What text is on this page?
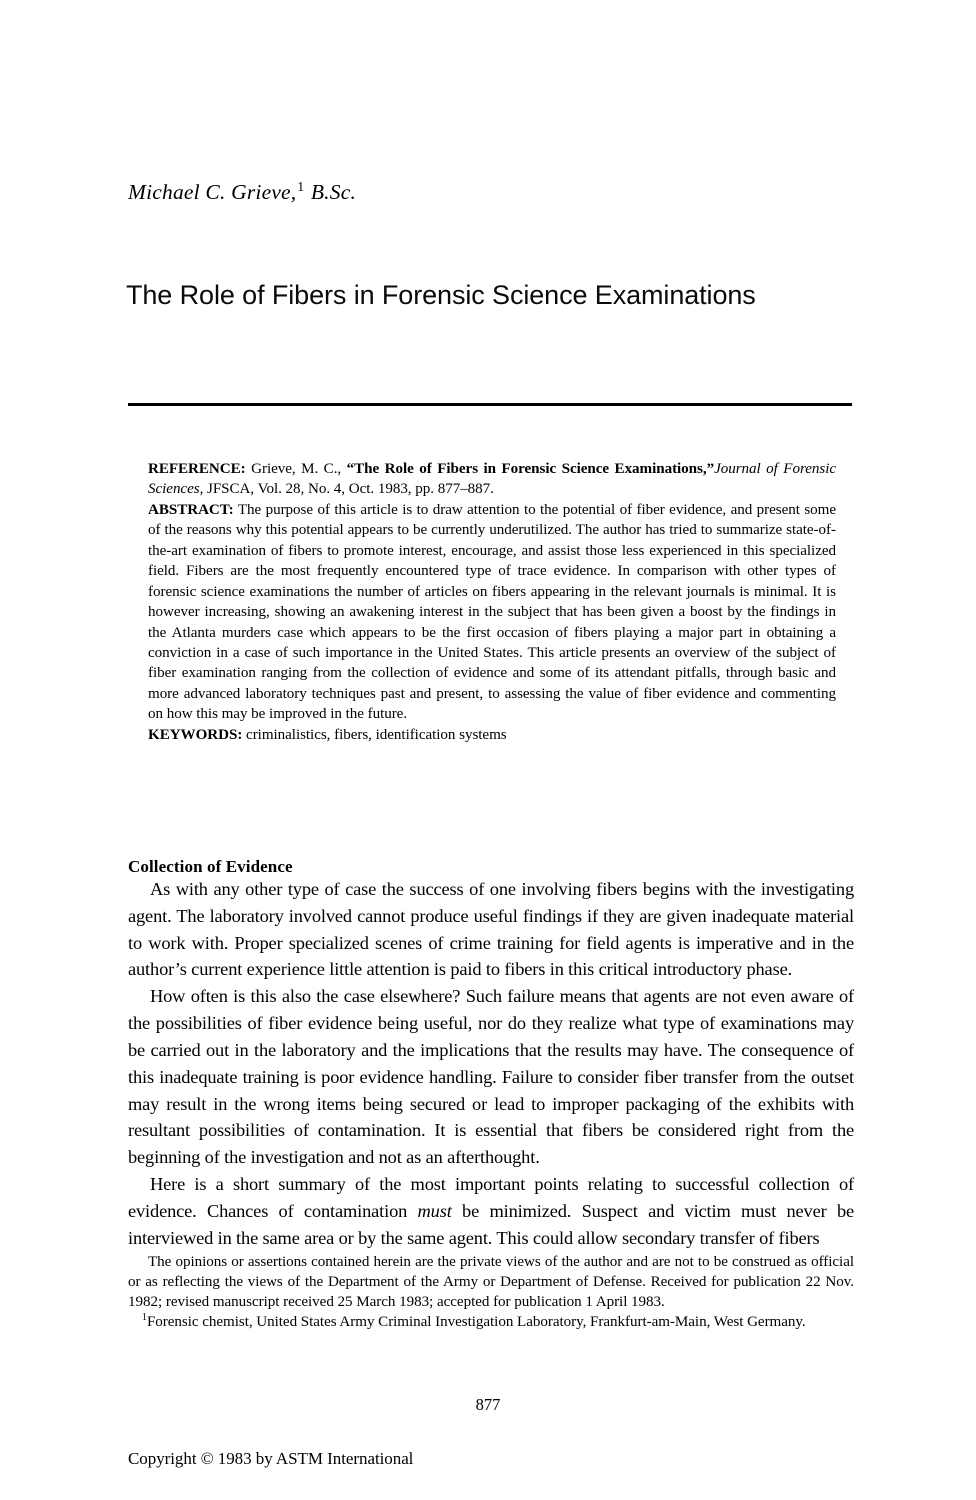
Michael C. Grieve,$^1$ B.Sc.
The Role of Fibers in Forensic Science Examinations

REFERENCE: Grieve, M. C., “The Role of Fibers in Forensic Science Examinations,”Journal of Forensic Sciences, JFSCA, Vol. 28, No. 4, Oct. 1983, pp. 877–887.

ABSTRACT: The purpose of this article is to draw attention to the potential of fiber evidence, and present some of the reasons why this potential appears to be currently underutilized. The author has tried to summarize state-of-the-art examination of fibers to promote interest, encourage, and assist those less experienced in this specialized field. Fibers are the most frequently encountered type of trace evidence. In comparison with other types of forensic science examinations the number of articles on fibers appearing in the relevant journals is minimal. It is however increasing, showing an awakening interest in the subject that has been given a boost by the findings in the Atlanta murders case which appears to be the first occasion of fibers playing a major part in obtaining a conviction in a case of such importance in the United States. This article presents an overview of the subject of fiber examination ranging from the collection of evidence and some of its attendant pitfalls, through basic and more advanced laboratory techniques past and present, to assessing the value of fiber evidence and commenting on how this may be improved in the future.

KEYWORDS: criminalistics, fibers, identification systems

Collection of Evidence

As with any other type of case the success of one involving fibers begins with the investigating agent. The laboratory involved cannot produce useful findings if they are given inadequate material to work with. Proper specialized scenes of crime training for field agents is imperative and in the author’s current experience little attention is paid to fibers in this critical introductory phase.

How often is this also the case elsewhere? Such failure means that agents are not even aware of the possibilities of fiber evidence being useful, nor do they realize what type of examinations may be carried out in the laboratory and the implications that the results may have. The consequence of this inadequate training is poor evidence handling. Failure to consider fiber transfer from the outset may result in the wrong items being secured or lead to improper packaging of the exhibits with resultant possibilities of contamination. It is essential that fibers be considered right from the beginning of the investigation and not as an afterthought.

Here is a short summary of the most important points relating to successful collection of evidence. Chances of contamination must be minimized. Suspect and victim must never be interviewed in the same area or by the same agent. This could allow secondary transfer of fibers

The opinions or assertions contained herein are the private views of the author and are not to be construed as official or as reflecting the views of the Department of the Army or Department of Defense. Received for publication 22 Nov. 1982; revised manuscript received 25 March 1983; accepted for publication 1 April 1983.

$^1$Forensic chemist, United States Army Criminal Investigation Laboratory, Frankfurt-am-Main, West Germany.

877
Copyright © 1983 by ASTM International
